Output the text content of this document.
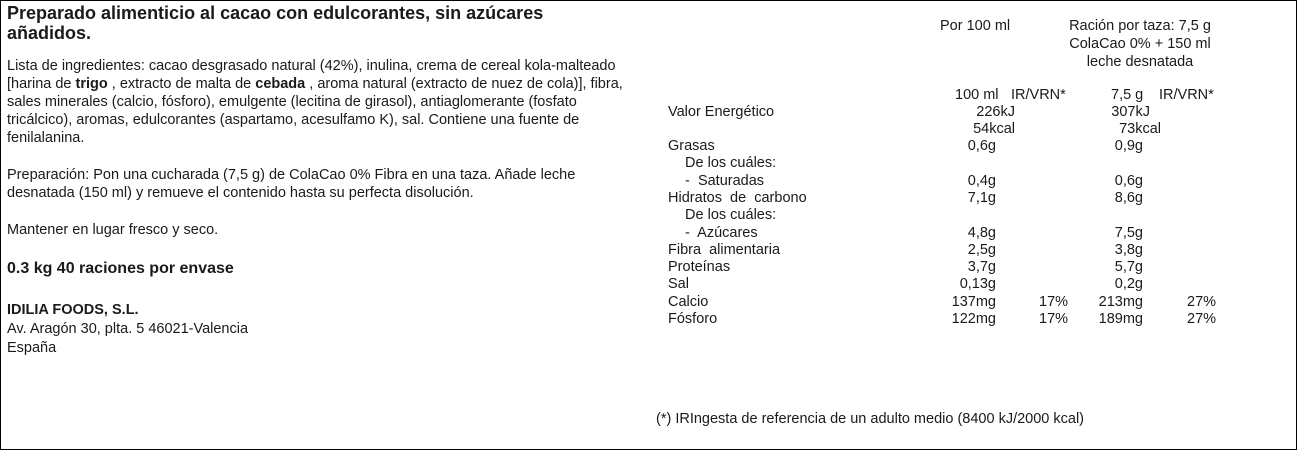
Preparado alimenticio al cacao con edulcorantes, sin azúcares
añadidos.
Lista de ingredientes: cacao desgrasado natural (42%), inulina, crema de cereal kola-malteado [harina de trigo , extracto de malta de cebada , aroma natural (extracto de nuez de cola)], fibra, sales minerales (calcio, fósforo), emulgente (lecitina de girasol), antiaglomerante (fosfato tricálcico), aromas, edulcorantes (aspartamo, acesulfamo K), sal. Contiene una fuente de fenilalanina.
Preparación: Pon una cucharada (7,5 g) de ColaCao 0% Fibra en una taza. Añade leche
desnatada (150 ml) y remueve el contenido hasta su perfecta disolución.
Mantener en lugar fresco y seco.
0.3 kg 40 raciones por envase
IDILIA FOODS, S.L.
Av. Aragón 30, plta. 5 46021-Valencia
España
Por 100 ml	Ración por taza: 7,5 g
ColaCao 0% + 150 ml
leche desnatada
100 ml IR/VRN*	7,5 g IR/VRN*
Valor Energético	226kJ	307kJ
54kcal	73kcal
Grasas	0,6g	0,9g
De los cuáles:
-  Saturadas	0,4g	0,6g
Hidratos  de  carbono	7,1g	8,6g
De los cuáles:
-  Azúcares	4,8g	7,5g
Fibra  alimentaria	2,5g	3,8g
Proteínas	3,7g	5,7g
Sal	0,13g	0,2g
Calcio	137mg	17%	213mg	27%
Fósforo	122mg	17%	189mg	27%
(*) IRIngesta de referencia de un adulto medio (8400 kJ/2000 kcal)
